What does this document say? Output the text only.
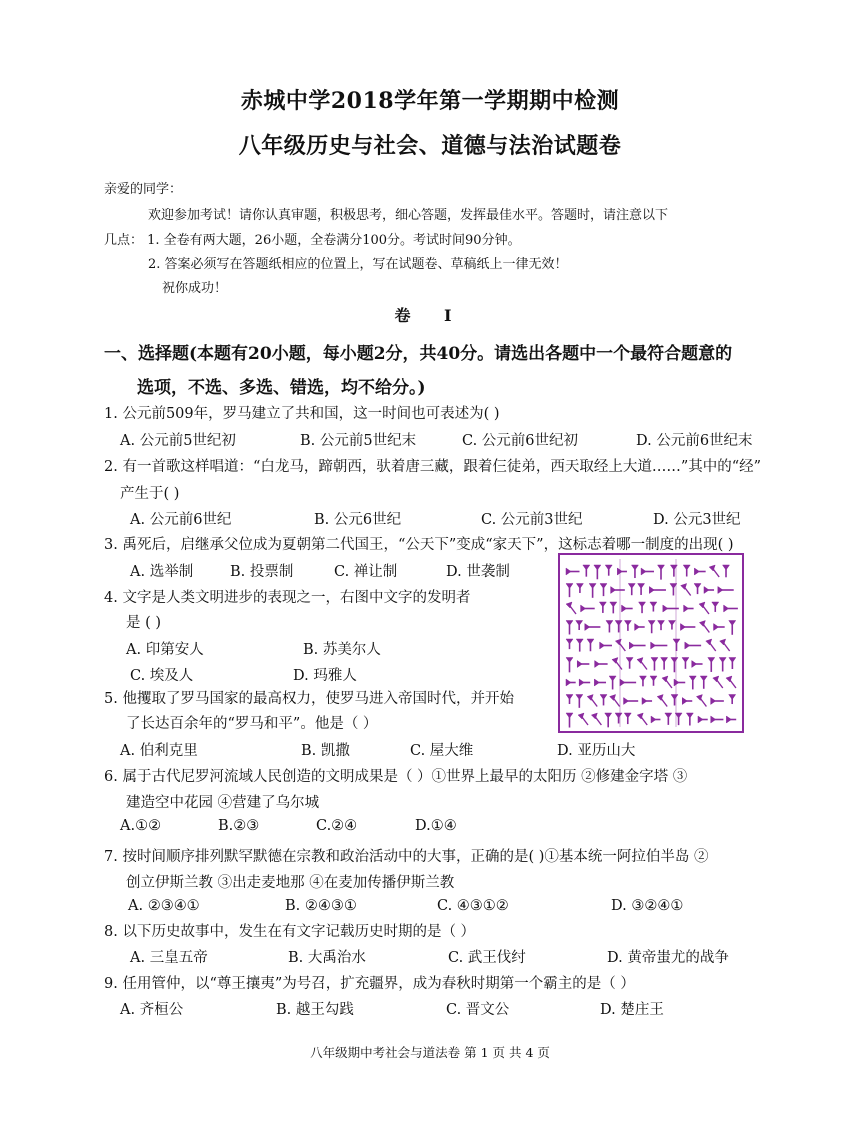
赤城中学2018学年第一学期期中检测
八年级历史与社会、道德与法治试题卷
亲爱的同学：
欢迎参加考试！请你认真审题，积极思考，细心答题，发挥最佳水平。答题时，请注意以下
几点： 1. 全卷有两大题，26小题，全卷满分100分。考试时间90分钟。
2. 答案必须写在答题纸相应的位置上，写在试题卷、草稿纸上一律无效！
祝你成功！
卷 I
一、选择题(本题有20小题，每小题2分，共40分。请选出各题中一个最符合题意的
选项，不选、多选、错选，均不给分。)
1. 公元前509年，罗马建立了共和国，这一时间也可表述为( )
A. 公元前5世纪初	B. 公元前5世纪末	C. 公元前6世纪初	D. 公元前6世纪末
2. 有一首歌这样唱道：“白龙马，蹄朝西，驮着唐三藏，跟着仨徒弟，西天取经上大道……”其中的“经”
产生于( )
A. 公元前6世纪	B. 公元6世纪	C. 公元前3世纪	D. 公元3世纪
3. 禹死后，启继承父位成为夏朝第二代国王，“公天下”变成“家天下”，这标志着哪一制度的出现( )
A. 选举制	B. 投票制	C. 禅让制	D. 世袭制
4. 文字是人类文明进步的表现之一，右图中文字的发明者
是 ( )
A. 印第安人	B. 苏美尔人
C. 埃及人	D. 玛雅人
5. 他攫取了罗马国家的最高权力，使罗马进入帝国时代，并开始
了长达百余年的“罗马和平”。他是（ ）
A. 伯利克里	B. 凯撒	C. 屋大维	D. 亚历山大
6. 属于古代尼罗河流域人民创造的文明成果是（ ）①世界上最早的太阳历 ②修建金字塔 ③
建造空中花园 ④营建了乌尔城
A.①②	B.②③	C.②④	D.①④
7. 按时间顺序排列默罕默德在宗教和政治活动中的大事，正确的是( )①基本统一阿拉伯半岛 ②
创立伊斯兰教 ③出走麦地那 ④在麦加传播伊斯兰教
A. ②③④①	B. ②④③①	C. ④③①②	D. ③②④①
8. 以下历史故事中，发生在有文字记载历史时期的是（ ）
A. 三皇五帝	B. 大禹治水	C. 武王伐纣	D. 黄帝蚩尤的战争
9. 任用管仲，以“尊王攘夷”为号召，扩充疆界，成为春秋时期第一个霸主的是（ ）
A. 齐桓公	B. 越王勾践	C. 晋文公	D. 楚庄王
八年级期中考社会与道法卷 第 1 页 共 4 页
